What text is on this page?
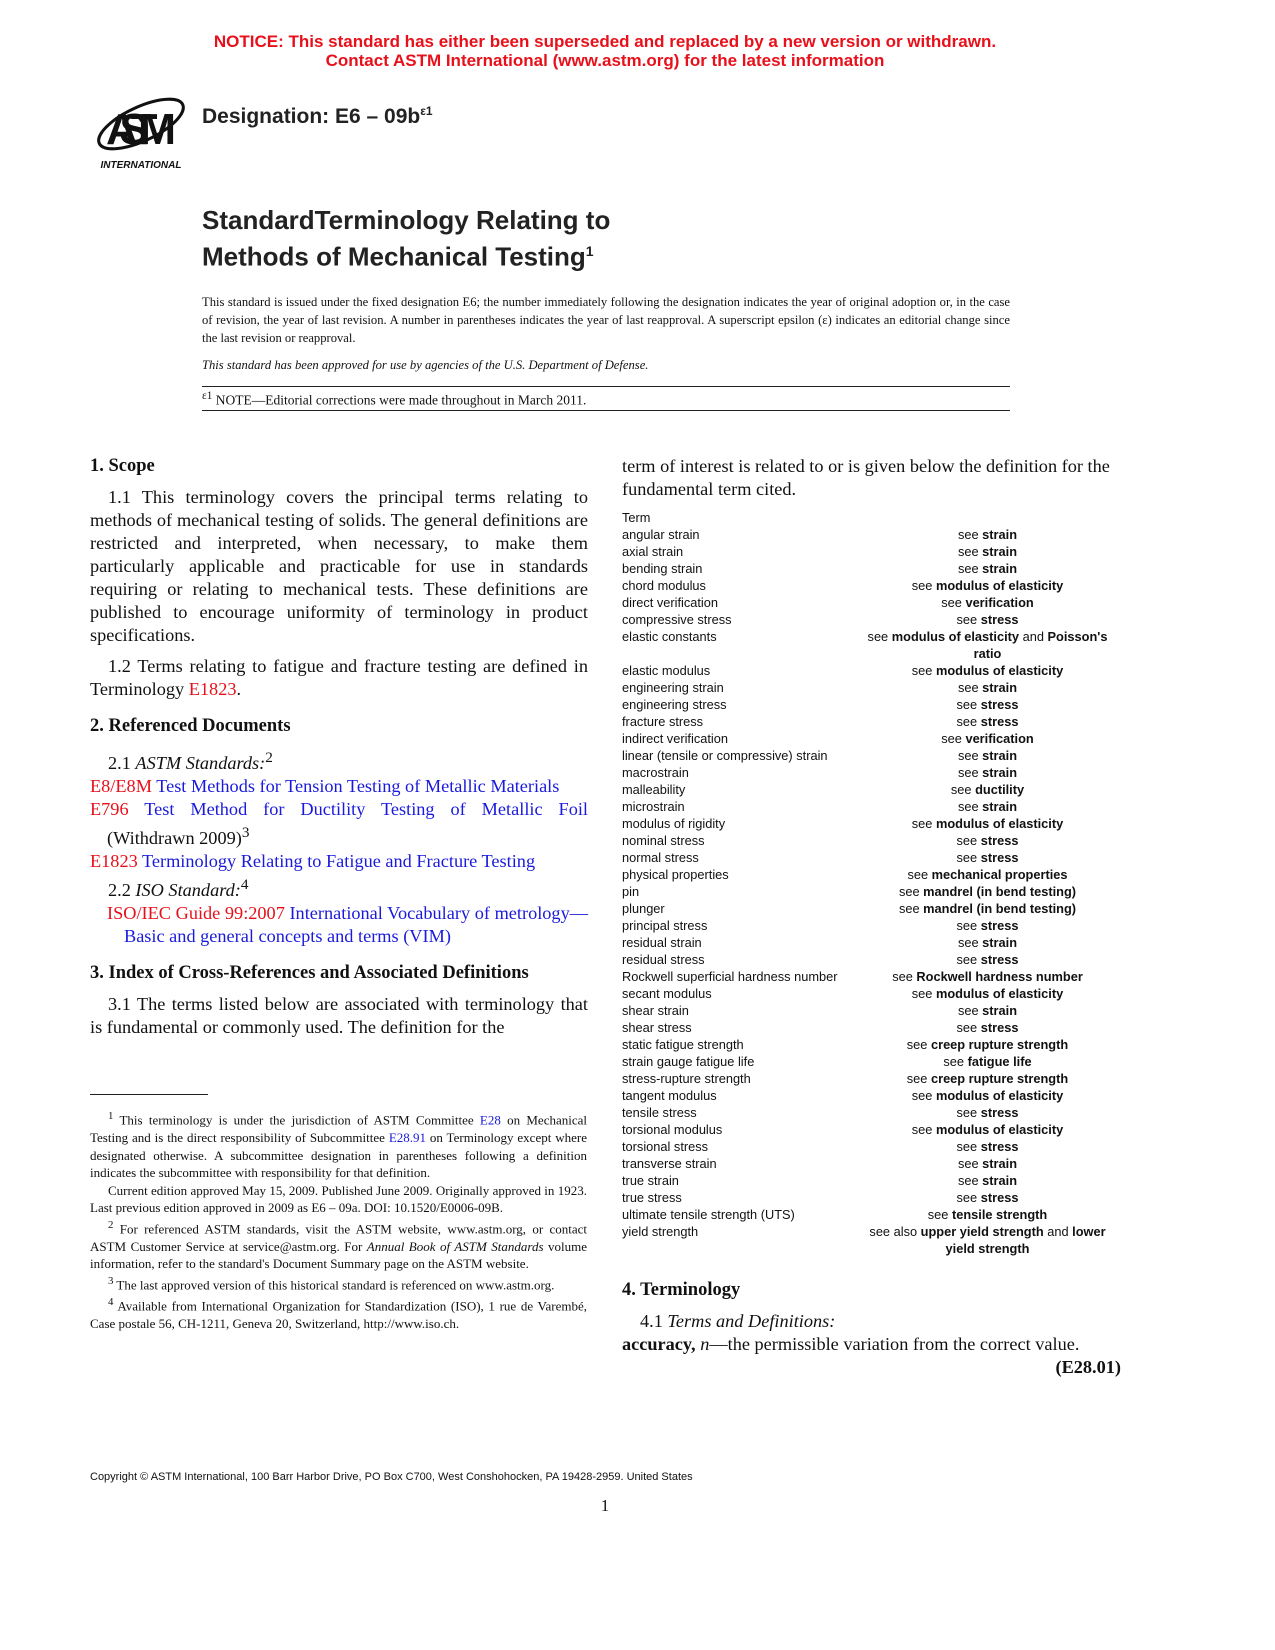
NOTICE: This standard has either been superseded and replaced by a new version or withdrawn.
Contact ASTM International (www.astm.org) for the latest information
ASTM
INTERNATIONAL
Designation: $E6 - 09b^{\varepsilon 1}$
StandardTerminology Relating to
Methods of Mechanical Testing$^1$
This standard is issued under the fixed designation E6; the number immediately following the designation indicates the year of original adoption or, in the case of revision, the year of last revision. A number in parentheses indicates the year of last reapproval. A superscript epsilon (ε) indicates an editorial change since the last revision or reapproval.
This standard has been approved for use by agencies of the U.S. Department of Defense.
$^{\varepsilon 1}$ NOTE—Editorial corrections were made throughout in March 2011.
1. Scope

1.1 This terminology covers the principal terms relating to methods of mechanical testing of solids. The general definitions are restricted and interpreted, when necessary, to make them particularly applicable and practicable for use in standards requiring or relating to mechanical tests. These definitions are published to encourage uniformity of terminology in product specifications.

1.2 Terms relating to fatigue and fracture testing are defined in Terminology E1823.

2. Referenced Documents

2.1 ASTM Standards:$^2$

E8/E8M Test Methods for Tension Testing of Metallic Materials

E796 Test Method for Ductility Testing of Metallic Foil (Withdrawn 2009)$^3$

E1823 Terminology Relating to Fatigue and Fracture Testing

2.2 ISO Standard:$^4$

ISO/IEC Guide 99:2007 International Vocabulary of metrology—Basic and general concepts and terms (VIM)

3. Index of Cross-References and Associated Definitions

3.1 The terms listed below are associated with terminology that is fundamental or commonly used. The definition for the

term of interest is related to or is given below the definition for the fundamental term cited.

Term
angular strain	see strain
axial strain	see strain
bending strain	see strain
chord modulus	see modulus of elasticity
direct verification	see verification
compressive stress	see stress
elastic constants	see modulus of elasticity and Poisson's ratio
elastic modulus	see modulus of elasticity
engineering strain	see strain
engineering stress	see stress
fracture stress	see stress
indirect verification	see verification
linear (tensile or compressive) strain	see strain
macrostrain	see strain
malleability	see ductility
microstrain	see strain
modulus of rigidity	see modulus of elasticity
nominal stress	see stress
normal stress	see stress
physical properties	see mechanical properties
pin	see mandrel (in bend testing)
plunger	see mandrel (in bend testing)
principal stress	see stress
residual strain	see strain
residual stress	see stress
Rockwell superficial hardness number	see Rockwell hardness number
secant modulus	see modulus of elasticity
shear strain	see strain
shear stress	see stress
static fatigue strength	see creep rupture strength
strain gauge fatigue life	see fatigue life
stress-rupture strength	see creep rupture strength
tangent modulus	see modulus of elasticity
tensile stress	see stress
torsional modulus	see modulus of elasticity
torsional stress	see stress
transverse strain	see strain
true strain	see strain
true stress	see stress
ultimate tensile strength (UTS)	see tensile strength
yield strength	see also upper yield strength and lower yield strength
4. Terminology

4.1 Terms and Definitions:

accuracy, n—the permissible variation from the correct value.

(E28.01)

$^1$ This terminology is under the jurisdiction of ASTM Committee E28 on Mechanical Testing and is the direct responsibility of Subcommittee E28.91 on Terminology except where designated otherwise. A subcommittee designation in parentheses following a definition indicates the subcommittee with responsibility for that definition.

Current edition approved May 15, 2009. Published June 2009. Originally approved in 1923. Last previous edition approved in 2009 as E6 – 09a. DOI: 10.1520/E0006-09B.

$^2$ For referenced ASTM standards, visit the ASTM website, www.astm.org, or contact ASTM Customer Service at service@astm.org. For Annual Book of ASTM Standards volume information, refer to the standard's Document Summary page on the ASTM website.

$^3$ The last approved version of this historical standard is referenced on www.astm.org.

$^4$ Available from International Organization for Standardization (ISO), 1 rue de Varembé, Case postale 56, CH-1211, Geneva 20, Switzerland, http://www.iso.ch.

Copyright © ASTM International, 100 Barr Harbor Drive, PO Box C700, West Conshohocken, PA 19428-2959. United States
1
